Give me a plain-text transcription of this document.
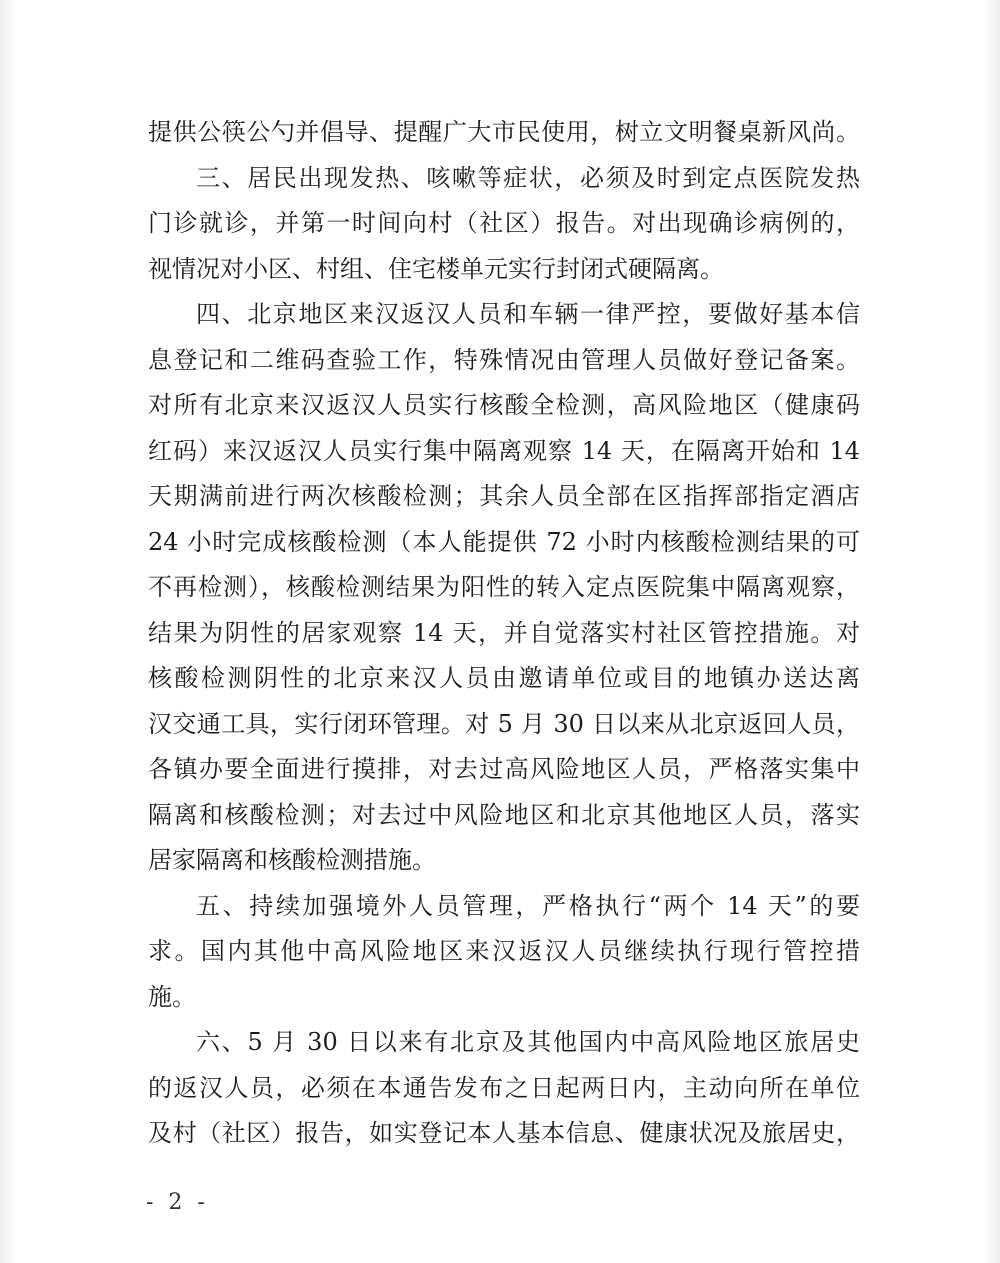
提供公筷公勺并倡导、提醒广大市民使用，树立文明餐桌新风尚。
三、居民出现发热、咳嗽等症状，必须及时到定点医院发热
门诊就诊，并第一时间向村（社区）报告。对出现确诊病例的，
视情况对小区、村组、住宅楼单元实行封闭式硬隔离。
四、北京地区来汉返汉人员和车辆一律严控，要做好基本信
息登记和二维码查验工作，特殊情况由管理人员做好登记备案。
对所有北京来汉返汉人员实行核酸全检测，高风险地区（健康码
红码）来汉返汉人员实行集中隔离观察 14 天，在隔离开始和 14
天期满前进行两次核酸检测；其余人员全部在区指挥部指定酒店
24 小时完成核酸检测（本人能提供 72 小时内核酸检测结果的可
不再检测），核酸检测结果为阳性的转入定点医院集中隔离观察，
结果为阴性的居家观察 14 天，并自觉落实村社区管控措施。对
核酸检测阴性的北京来汉人员由邀请单位或目的地镇办送达离
汉交通工具，实行闭环管理。对 5 月 30 日以来从北京返回人员，
各镇办要全面进行摸排，对去过高风险地区人员，严格落实集中
隔离和核酸检测；对去过中风险地区和北京其他地区人员，落实
居家隔离和核酸检测措施。
五、持续加强境外人员管理，严格执行“两个 14 天”的要
求。国内其他中高风险地区来汉返汉人员继续执行现行管控措
施。
六、5 月 30 日以来有北京及其他国内中高风险地区旅居史
的返汉人员，必须在本通告发布之日起两日内，主动向所在单位
及村（社区）报告，如实登记本人基本信息、健康状况及旅居史，
- 2 -
